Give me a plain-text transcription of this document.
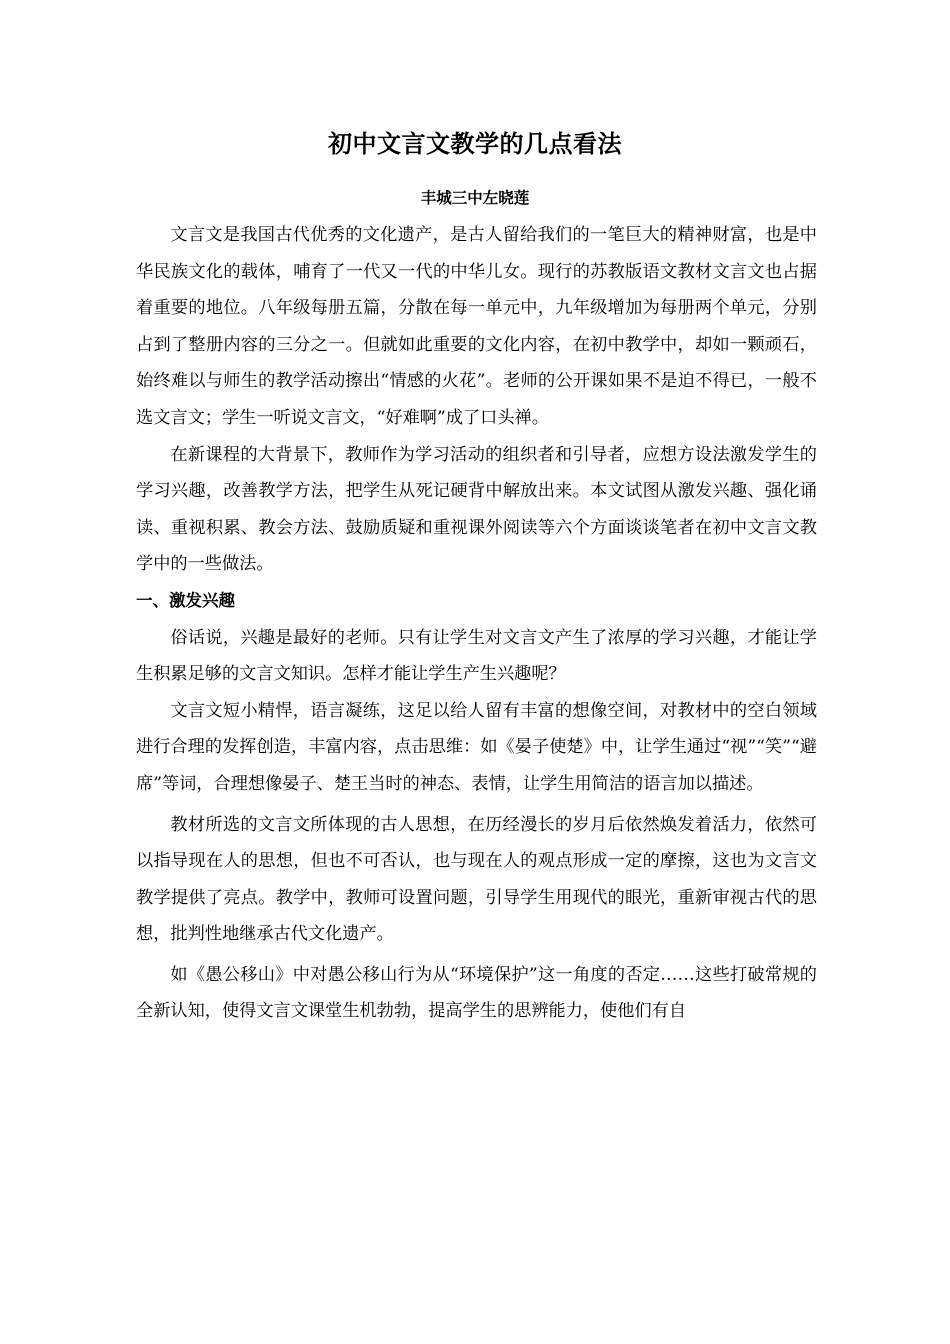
初中文言文教学的几点看法
丰城三中左晓莲

文言文是我国古代优秀的文化遗产，是古人留给我们的一笔巨大的精神财富，也是中华民族文化的载体，哺育了一代又一代的中华儿女。现行的苏教版语文教材文言文也占据着重要的地位。八年级每册五篇，分散在每一单元中，九年级增加为每册两个单元，分别占到了整册内容的三分之一。但就如此重要的文化内容，在初中教学中，却如一颗顽石，始终难以与师生的教学活动擦出“情感的火花”。老师的公开课如果不是迫不得已，一般不选文言文；学生一听说文言文，“好难啊”成了口头禅。

在新课程的大背景下，教师作为学习活动的组织者和引导者，应想方设法激发学生的学习兴趣，改善教学方法，把学生从死记硬背中解放出来。本文试图从激发兴趣、强化诵读、重视积累、教会方法、鼓励质疑和重视课外阅读等六个方面谈谈笔者在初中文言文教学中的一些做法。

一、激发兴趣

俗话说，兴趣是最好的老师。只有让学生对文言文产生了浓厚的学习兴趣，才能让学生积累足够的文言文知识。怎样才能让学生产生兴趣呢？

文言文短小精悍，语言凝练，这足以给人留有丰富的想像空间，对教材中的空白领域进行合理的发挥创造，丰富内容，点击思维：如《晏子使楚》中，让学生通过“视”“笑”“避席”等词，合理想像晏子、楚王当时的神态、表情，让学生用简洁的语言加以描述。

教材所选的文言文所体现的古人思想，在历经漫长的岁月后依然焕发着活力，依然可以指导现在人的思想，但也不可否认，也与现在人的观点形成一定的摩擦，这也为文言文教学提供了亮点。教学中，教师可设置问题，引导学生用现代的眼光，重新审视古代的思想，批判性地继承古代文化遗产。

如《愚公移山》中对愚公移山行为从“环境保护”这一角度的否定……这些打破常规的全新认知，使得文言文课堂生机勃勃，提高学生的思辨能力，使他们有自
